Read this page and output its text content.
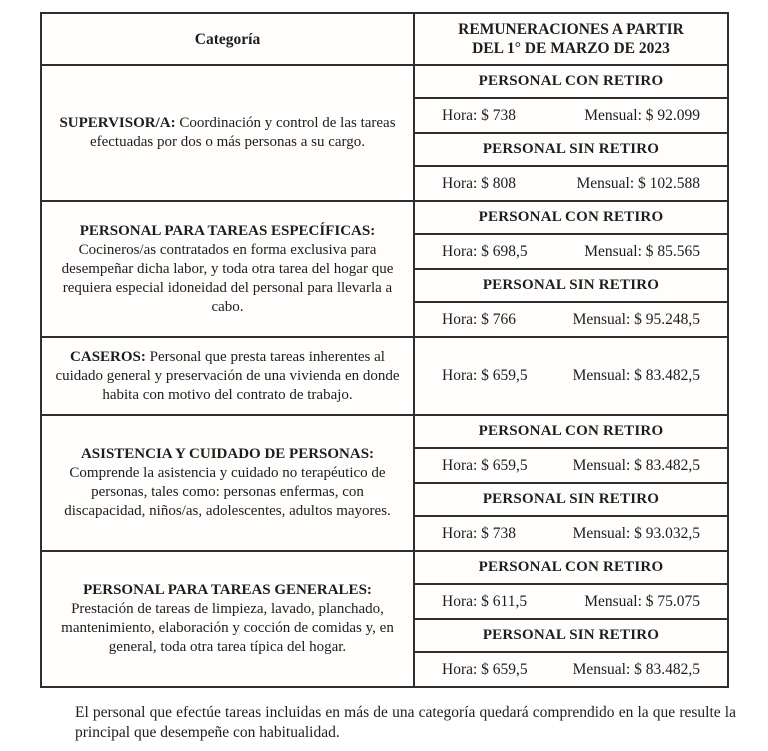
Categoría	REMUNERACIONES A PARTIR DEL 1° DE MARZO DE 2023
SUPERVISOR/A: Coordinación y control de las tareas efectuadas por dos o más personas a su cargo.	PERSONAL CON RETIRO

	Hora: $ 738 Mensual: $ 92.099

	PERSONAL SIN RETIRO

	Hora: $ 808 Mensual: $ 102.588

PERSONAL PARA TAREAS ESPECÍFICAS:
Cocineros/as contratados en forma exclusiva para desempeñar dicha labor, y toda otra tarea del hogar que requiera especial idoneidad del personal para llevarla a cabo.	PERSONAL CON RETIRO

	Hora: $ 698,5 Mensual: $ 85.565

	PERSONAL SIN RETIRO

	Hora: $ 766 Mensual: $ 95.248,5

CASEROS: Personal que presta tareas inherentes al cuidado general y preservación de una vivienda en donde habita con motivo del contrato de trabajo.	Hora: $ 659,5 Mensual: $ 83.482,5

ASISTENCIA Y CUIDADO DE PERSONAS:
Comprende la asistencia y cuidado no terapéutico de personas, tales como: personas enfermas, con discapacidad, niños/as, adolescentes, adultos mayores.	PERSONAL CON RETIRO

	Hora: $ 659,5 Mensual: $ 83.482,5

	PERSONAL SIN RETIRO

	Hora: $ 738 Mensual: $ 93.032,5

PERSONAL PARA TAREAS GENERALES:
Prestación de tareas de limpieza, lavado, planchado, mantenimiento, elaboración y cocción de comidas y, en general, toda otra tarea típica del hogar.	PERSONAL CON RETIRO

	Hora: $ 611,5 Mensual: $ 75.075

	PERSONAL SIN RETIRO

	Hora: $ 659,5 Mensual: $ 83.482,5

El personal que efectúe tareas incluidas en más de una categoría quedará comprendido en la que resulte la principal que desempeñe con habitualidad.
